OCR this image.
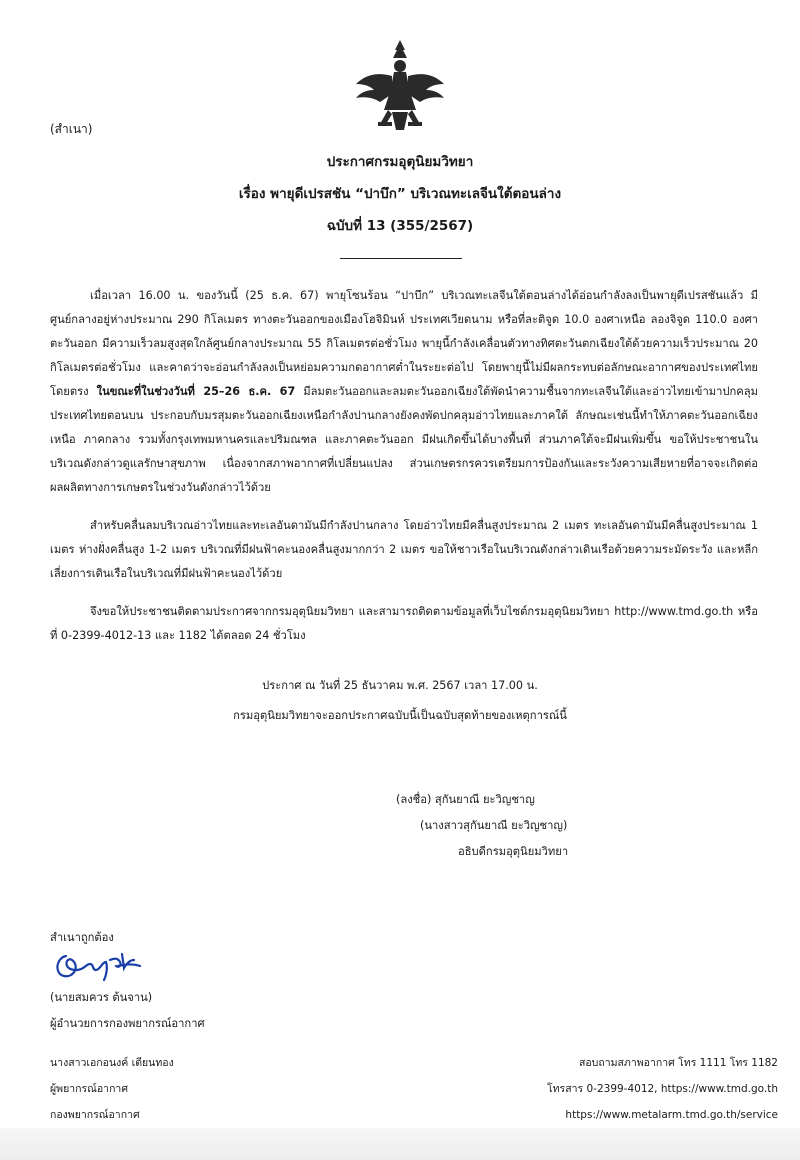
(สำเนา)
ประกาศกรมอุตุนิยมวิทยา
เรื่อง พายุดีเปรสชัน “ปาบึก” บริเวณทะเลจีนใต้ตอนล่าง
ฉบับที่ 13 (355/2567)

เมื่อเวลา 16.00 น. ของวันนี้ (25 ธ.ค. 67) พายุโซนร้อน “ปาบึก” บริเวณทะเลจีนใต้ตอนล่างได้อ่อนกำลังลงเป็นพายุดีเปรสชันแล้ว มีศูนย์กลางอยู่ห่างประมาณ 290 กิโลเมตร ทางตะวันออกของเมืองโฮจิมินห์ ประเทศเวียดนาม หรือที่ละติจูด 10.0 องศาเหนือ ลองจิจูด 110.0 องศาตะวันออก มีความเร็วลมสูงสุดใกล้ศูนย์กลางประมาณ 55 กิโลเมตรต่อชั่วโมง พายุนี้กำลังเคลื่อนตัวทางทิศตะวันตกเฉียงใต้ด้วยความเร็วประมาณ 20 กิโลเมตรต่อชั่วโมง และคาดว่าจะอ่อนกำลังลงเป็นหย่อมความกดอากาศต่ำในระยะต่อไป โดยพายุนี้ไม่มีผลกระทบต่อลักษณะอากาศของประเทศไทยโดยตรง ในขณะที่ในช่วงวันที่ 25–26 ธ.ค. 67 มีลมตะวันออกและลมตะวันออกเฉียงใต้พัดนำความชื้นจากทะเลจีนใต้และอ่าวไทยเข้ามาปกคลุมประเทศไทยตอนบน ประกอบกับมรสุมตะวันออกเฉียงเหนือกำลังปานกลางยังคงพัดปกคลุมอ่าวไทยและภาคใต้ ลักษณะเช่นนี้ทำให้ภาคตะวันออกเฉียงเหนือ ภาคกลาง รวมทั้งกรุงเทพมหานครและปริมณฑล และภาคตะวันออก มีฝนเกิดขึ้นได้บางพื้นที่ ส่วนภาคใต้จะมีฝนเพิ่มขึ้น ขอให้ประชาชนในบริเวณดังกล่าวดูแลรักษาสุขภาพ เนื่องจากสภาพอากาศที่เปลี่ยนแปลง ส่วนเกษตรกรควรเตรียมการป้องกันและระวังความเสียหายที่อาจจะเกิดต่อผลผลิตทางการเกษตรในช่วงวันดังกล่าวไว้ด้วย

สำหรับคลื่นลมบริเวณอ่าวไทยและทะเลอันดามันมีกำลังปานกลาง โดยอ่าวไทยมีคลื่นสูงประมาณ 2 เมตร ทะเลอันดามันมีคลื่นสูงประมาณ 1 เมตร ห่างฝั่งคลื่นสูง 1-2 เมตร บริเวณที่มีฝนฟ้าคะนองคลื่นสูงมากกว่า 2 เมตร ขอให้ชาวเรือในบริเวณดังกล่าวเดินเรือด้วยความระมัดระวัง และหลีกเลี่ยงการเดินเรือในบริเวณที่มีฝนฟ้าคะนองไว้ด้วย

จึงขอให้ประชาชนติดตามประกาศจากกรมอุตุนิยมวิทยา และสามารถติดตามข้อมูลที่เว็บไซต์กรมอุตุนิยมวิทยา http://www.tmd.go.th หรือที่ 0-2399-4012-13 และ 1182 ได้ตลอด 24 ชั่วโมง

ประกาศ ณ วันที่ 25 ธันวาคม พ.ศ. 2567 เวลา 17.00 น.
กรมอุตุนิยมวิทยาจะออกประกาศฉบับนี้เป็นฉบับสุดท้ายของเหตุการณ์นี้
(ลงชื่อ) สุกันยาณี ยะวิญชาญ
(นางสาวสุกันยาณี ยะวิญชาญ)
อธิบดีกรมอุตุนิยมวิทยา
สำเนาถูกต้อง
(นายสมควร ต้นจาน)
ผู้อำนวยการกองพยากรณ์อากาศ
นางสาวเอกอนงค์ เตียนทอง
ผู้พยากรณ์อากาศ
กองพยากรณ์อากาศ
สอบถามสภาพอากาศ โทร 1111 โทร 1182
โทรสาร 0-2399-4012, https://www.tmd.go.th
https://www.metalarm.tmd.go.th/service
